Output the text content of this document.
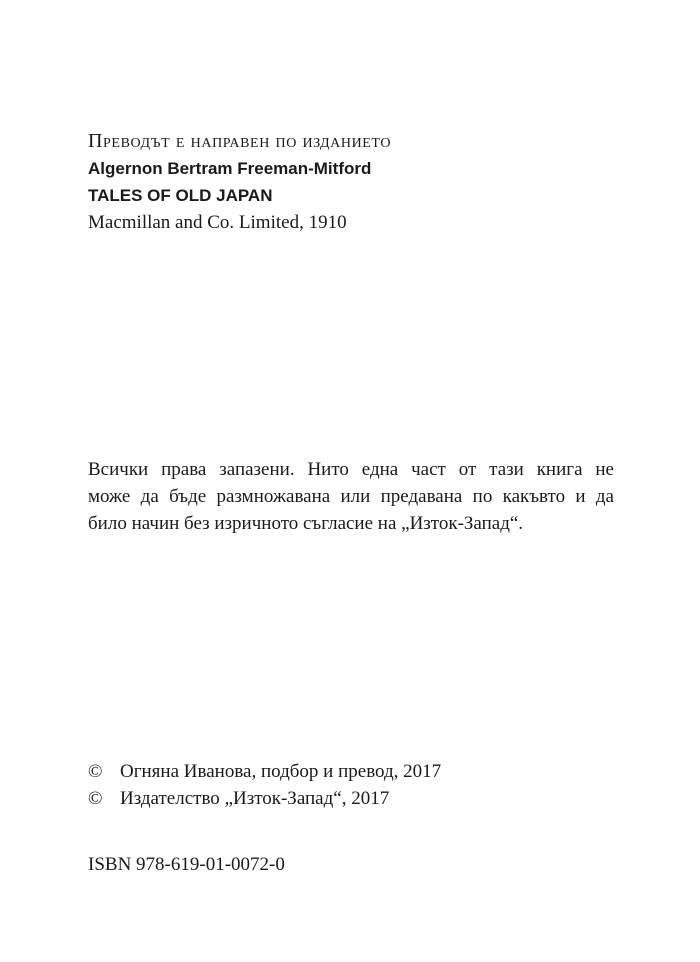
Преводът е направен по изданието
Algernon Bertram Freeman-Mitford
TALES OF OLD JAPAN
Macmillan and Co. Limited, 1910
Всички права запазени. Нито една част от тази книга не
може да бъде размножавана или предавана по какъвто и да
било начин без изричното съгласие на „Изток-Запад“.
© Огняна Иванова, подбор и превод, 2017
© Издателство „Изток-Запад“, 2017
ISBN 978-619-01-0072-0
